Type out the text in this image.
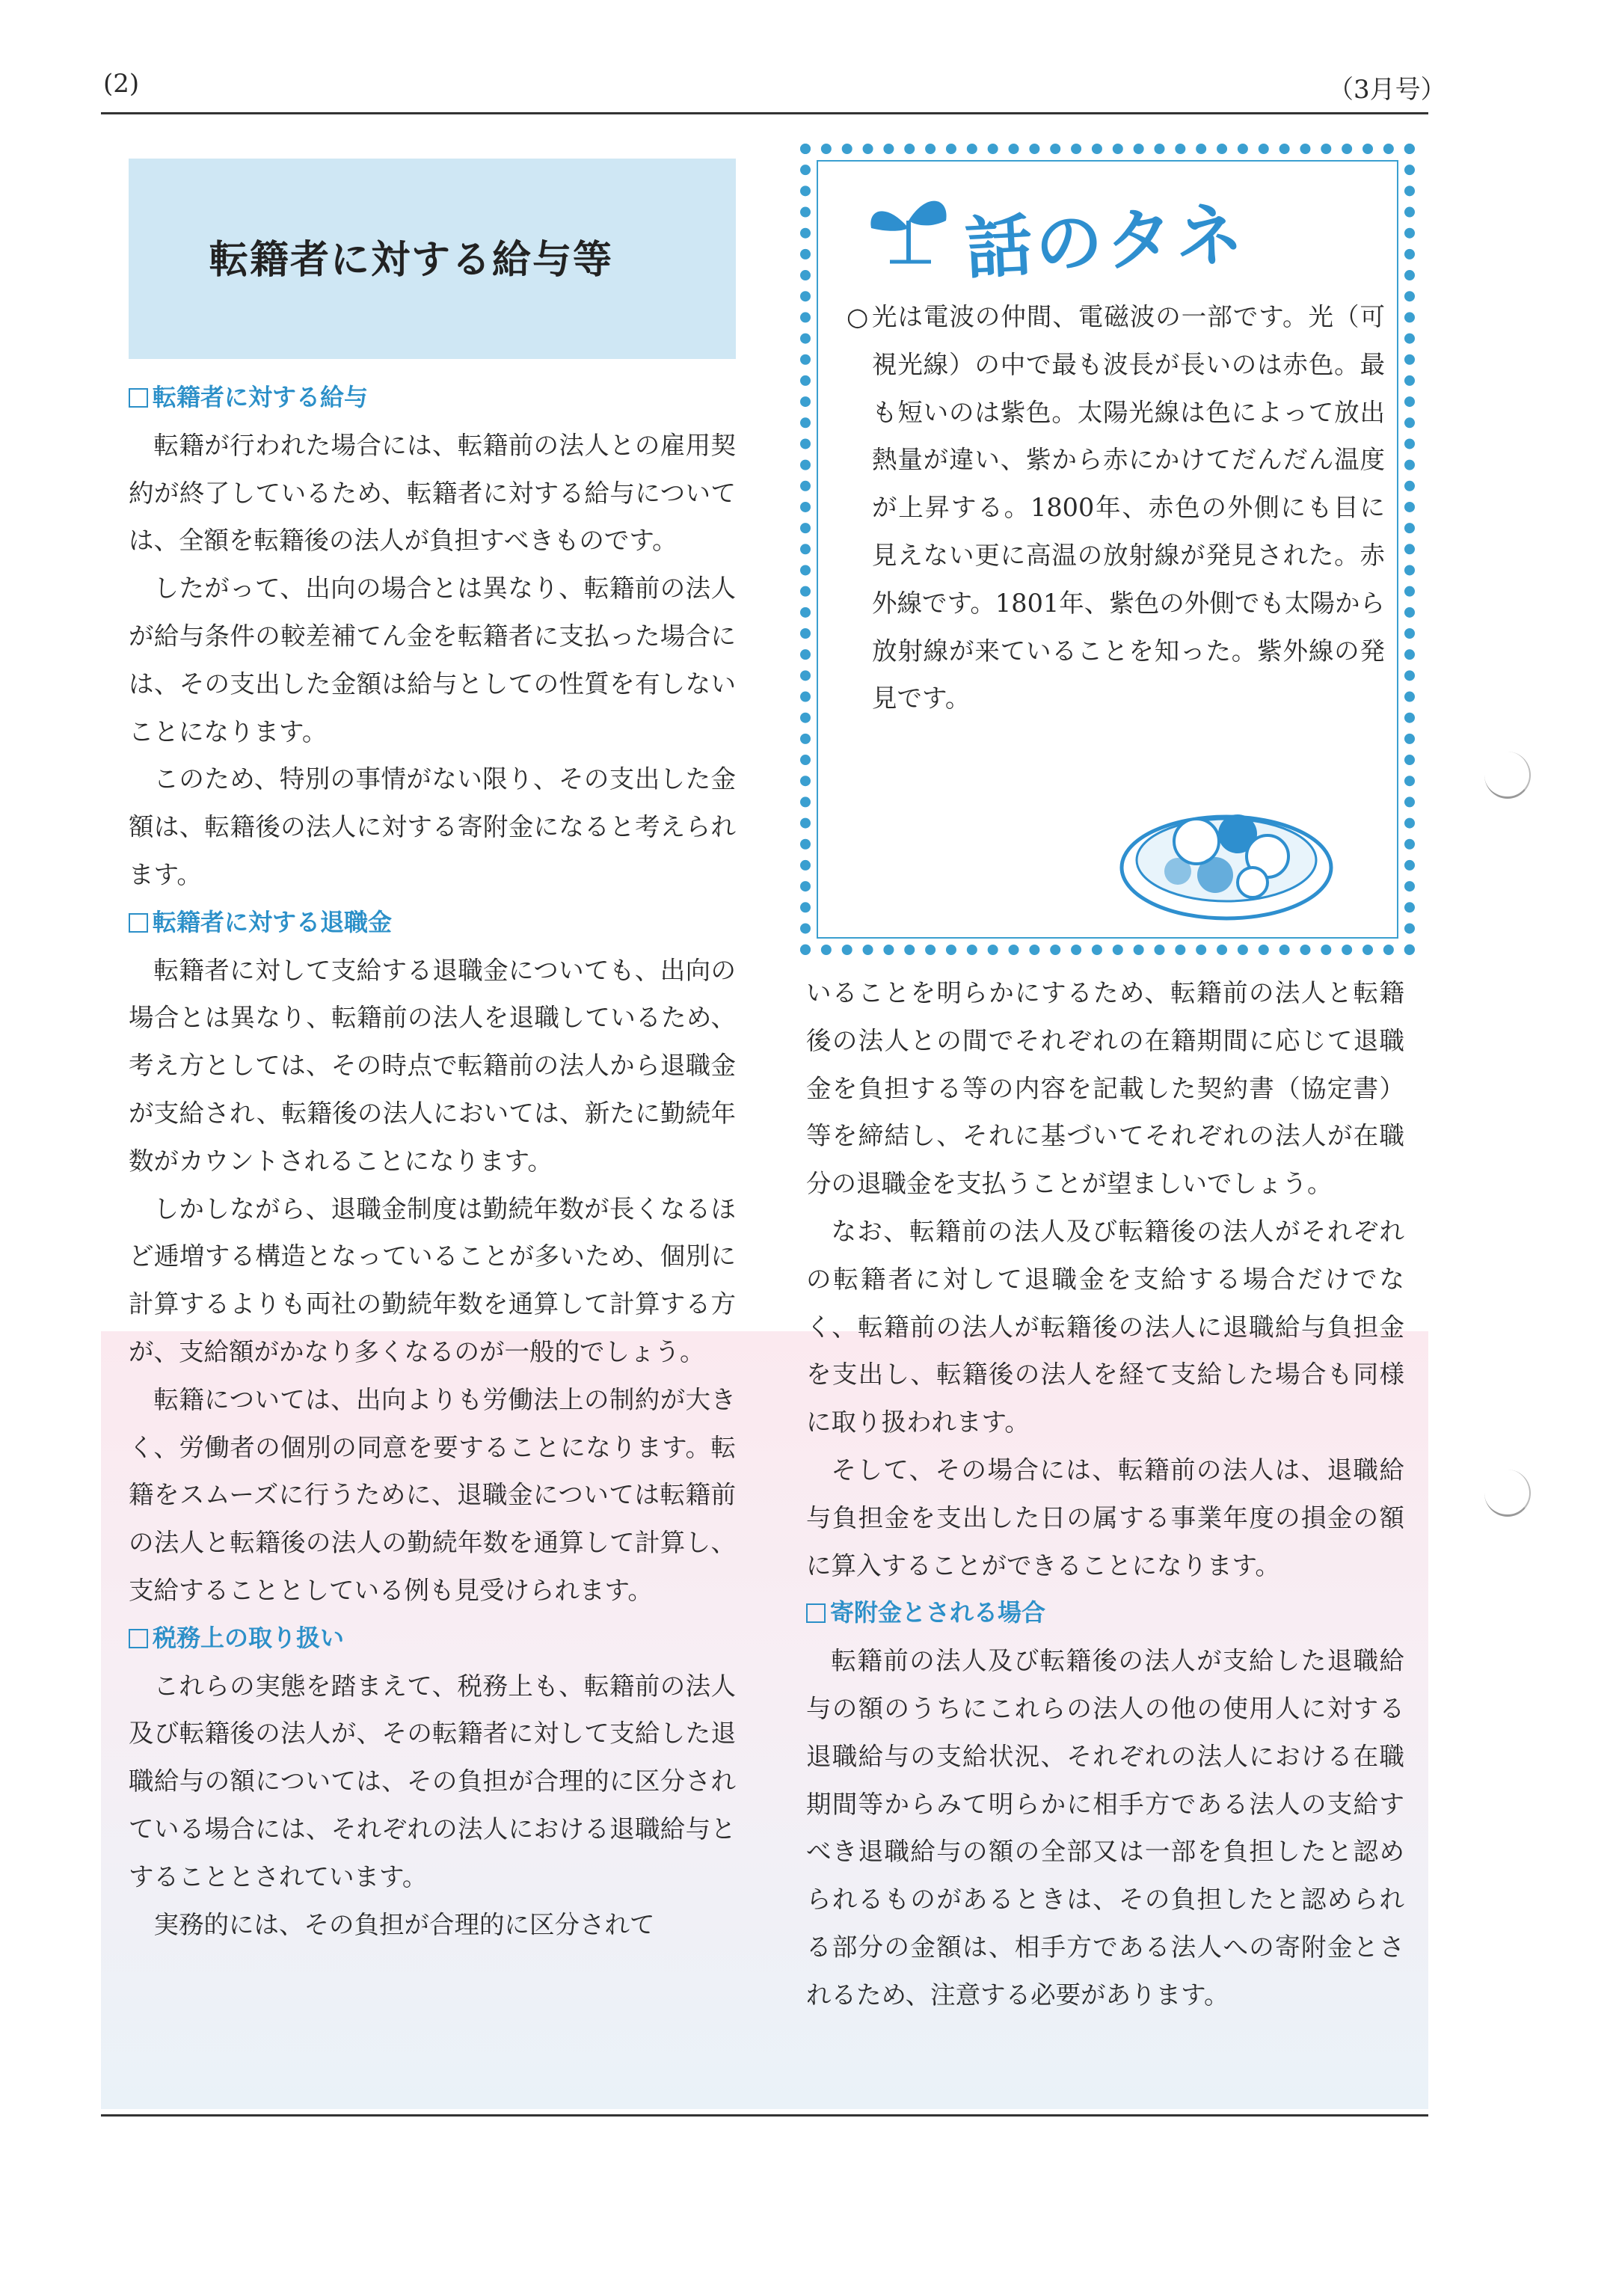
(2)	（3月号）
転籍者に対する給与等
転籍者に対する給与

転籍が行われた場合には、転籍前の法人との雇用契約が終了しているため、転籍者に対する給与については、全額を転籍後の法人が負担すべきものです。

したがって、出向の場合とは異なり、転籍前の法人が給与条件の較差補てん金を転籍者に支払った場合には、その支出した金額は給与としての性質を有しないことになります。

このため、特別の事情がない限り、その支出した金額は、転籍後の法人に対する寄附金になると考えられます。

転籍者に対する退職金

転籍者に対して支給する退職金についても、出向の場合とは異なり、転籍前の法人を退職しているため、考え方としては、その時点で転籍前の法人から退職金が支給され、転籍後の法人においては、新たに勤続年数がカウントされることになります。

しかしながら、退職金制度は勤続年数が長くなるほど逓増する構造となっていることが多いため、個別に計算するよりも両社の勤続年数を通算して計算する方が、支給額がかなり多くなるのが一般的でしょう。

転籍については、出向よりも労働法上の制約が大きく、労働者の個別の同意を要することになります。転籍をスムーズに行うために、退職金については転籍前の法人と転籍後の法人の勤続年数を通算して計算し、支給することとしている例も見受けられます。

税務上の取り扱い

これらの実態を踏まえて、税務上も、転籍前の法人及び転籍後の法人が、その転籍者に対して支給した退職給与の額については、その負担が合理的に区分されている場合には、それぞれの法人における退職給与とすることとされています。

実務的には、その負担が合理的に区分されて

話のタネ
○ 光は電波の仲間、電磁波の一部です。光（可視光線）の中で最も波長が長いのは赤色。最も短いのは紫色。太陽光線は色によって放出熱量が違い、紫から赤にかけてだんだん温度が上昇する。1800年、赤色の外側にも目に見えない更に高温の放射線が発見された。赤外線です。1801年、紫色の外側でも太陽から放射線が来ていることを知った。紫外線の発見です。

いることを明らかにするため、転籍前の法人と転籍後の法人との間でそれぞれの在籍期間に応じて退職金を負担する等の内容を記載した契約書（協定書）等を締結し、それに基づいてそれぞれの法人が在職分の退職金を支払うことが望ましいでしょう。

なお、転籍前の法人及び転籍後の法人がそれぞれの転籍者に対して退職金を支給する場合だけでなく、転籍前の法人が転籍後の法人に退職給与負担金を支出し、転籍後の法人を経て支給した場合も同様に取り扱われます。

そして、その場合には、転籍前の法人は、退職給与負担金を支出した日の属する事業年度の損金の額に算入することができることになります。

寄附金とされる場合

転籍前の法人及び転籍後の法人が支給した退職給与の額のうちにこれらの法人の他の使用人に対する退職給与の支給状況、それぞれの法人における在職期間等からみて明らかに相手方である法人の支給すべき退職給与の額の全部又は一部を負担したと認められるものがあるときは、その負担したと認められる部分の金額は、相手方である法人への寄附金とされるため、注意する必要があります。
